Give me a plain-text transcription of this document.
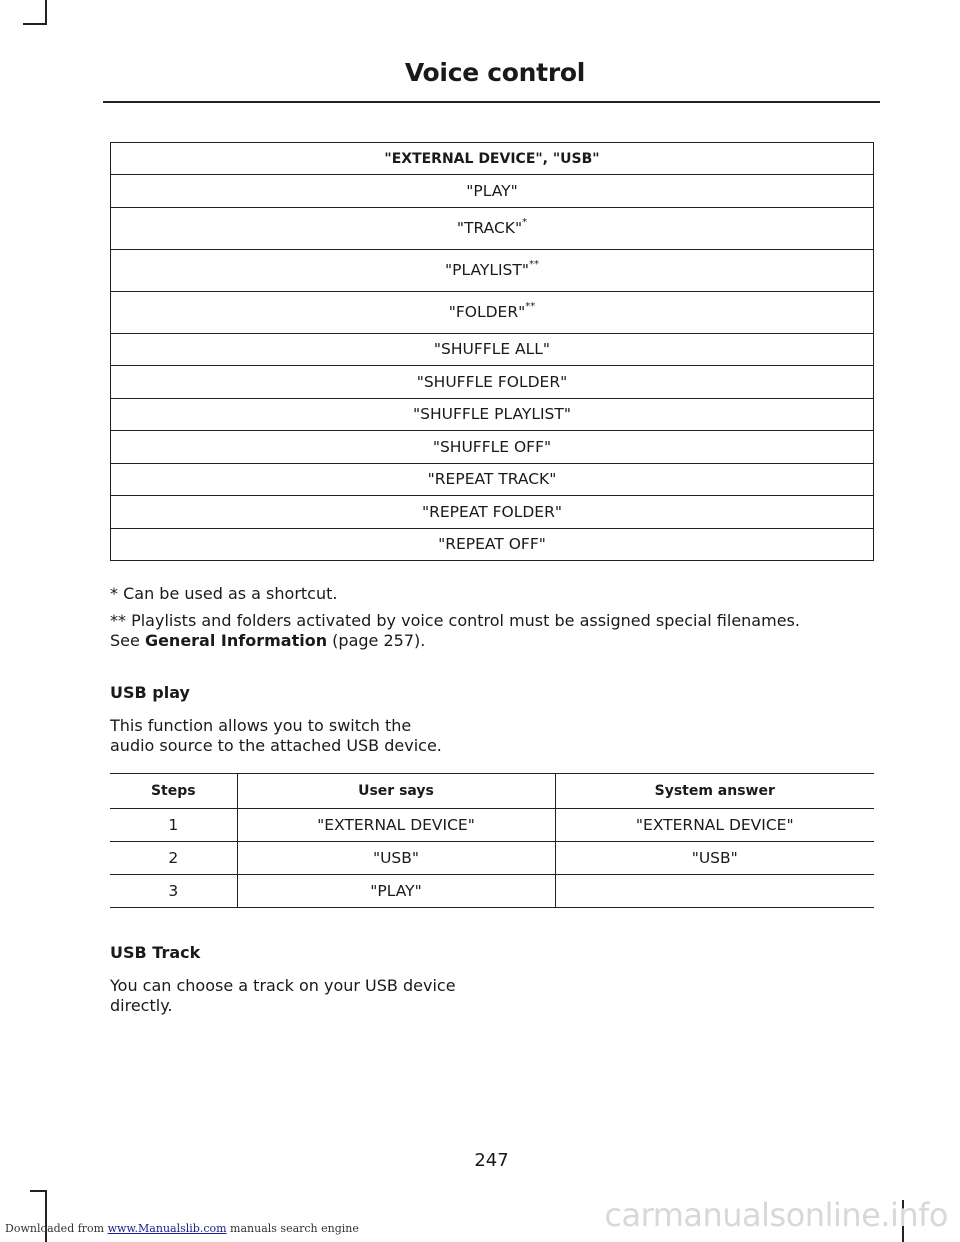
Voice control
"EXTERNAL DEVICE", "USB"
"PLAY"
"TRACK"*
"PLAYLIST"**
"FOLDER"**
"SHUFFLE ALL"
"SHUFFLE FOLDER"
"SHUFFLE PLAYLIST"
"SHUFFLE OFF"
"REPEAT TRACK"
"REPEAT FOLDER"
"REPEAT OFF"
* Can be used as a shortcut.
** Playlists and folders activated by voice control must be assigned special filenames.
See General Information (page 257).
USB play
This function allows you to switch the
audio source to the attached USB device.
Steps	User says	System answer
1	"EXTERNAL DEVICE"	"EXTERNAL DEVICE"
2	"USB"	"USB"
3	"PLAY"	
USB Track
You can choose a track on your USB device
directly.
247
carmanualsonline.info
Downloaded from www.Manualslib.com manuals search engine
